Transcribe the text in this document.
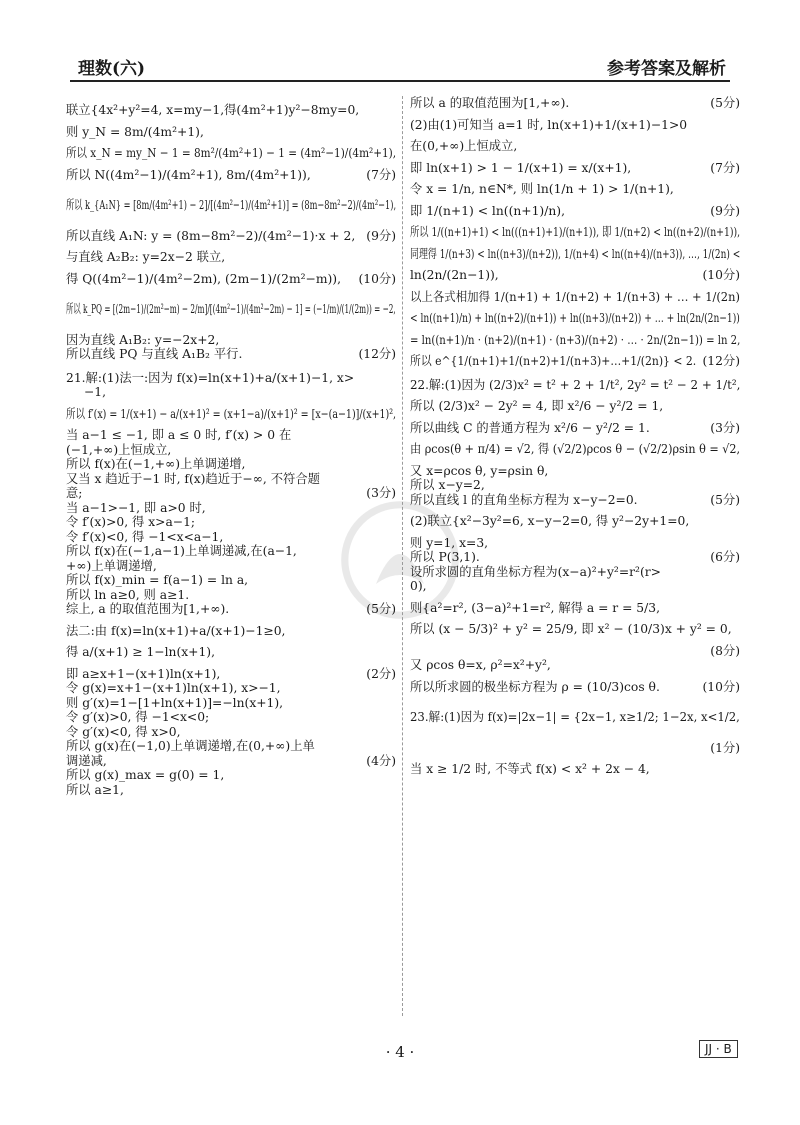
理数(六)	参考答案及解析
联立{4x²+y²=4, x=my−1,得(4m²+1)y²−8my=0,
则 y_N = 8m/(4m²+1),
所以 x_N = my_N − 1 = 8m²/(4m²+1) − 1 = (4m²−1)/(4m²+1),
所以 N((4m²−1)/(4m²+1), 8m/(4m²+1)),	(7分)
所以 k_{A₁N} = [8m/(4m²+1) − 2]/[(4m²−1)/(4m²+1)] = (8m−8m²−2)/(4m²−1),
所以直线 A₁N: y = (8m−8m²−2)/(4m²−1)·x + 2, (9分)
与直线 A₂B₂: y=2x−2 联立,
得 Q((4m²−1)/(4m²−2m), (2m−1)/(2m²−m)), (10分)
所以 k_PQ = [(2m−1)/(2m²−m) − 2/m]/[(4m²−1)/(4m²−2m) − 1] = (−1/m)/(1/(2m)) = −2,
因为直线 A₁B₂: y=−2x+2,
所以直线 PQ 与直线 A₁B₂ 平行.	(12分)
21.解:(1)法一:因为 f(x)=ln(x+1)+a/(x+1)−1, x>
−1,
所以 f′(x) = 1/(x+1) − a/(x+1)² = (x+1−a)/(x+1)² = [x−(a−1)]/(x+1)²,
当 a−1 ≤ −1, 即 a ≤ 0 时, f′(x) > 0 在
(−1,+∞)上恒成立,
所以 f(x)在(−1,+∞)上单调递增,
又当 x 趋近于−1 时, f(x)趋近于−∞, 不符合题
意;	(3分)
当 a−1>−1, 即 a>0 时,
令 f′(x)>0, 得 x>a−1;
令 f′(x)<0, 得 −1<x<a−1,
所以 f(x)在(−1,a−1)上单调递减,在(a−1,
+∞)上单调递增,
所以 f(x)_min = f(a−1) = ln a,
所以 ln a≥0, 则 a≥1.
综上, a 的取值范围为[1,+∞).	(5分)
法二:由 f(x)=ln(x+1)+a/(x+1)−1≥0,
得 a/(x+1) ≥ 1−ln(x+1),
即 a≥x+1−(x+1)ln(x+1),	(2分)
令 g(x)=x+1−(x+1)ln(x+1), x>−1,
则 g′(x)=1−[1+ln(x+1)]=−ln(x+1),
令 g′(x)>0, 得 −1<x<0;
令 g′(x)<0, 得 x>0,
所以 g(x)在(−1,0)上单调递增,在(0,+∞)上单
调递减,	(4分)
所以 g(x)_max = g(0) = 1,
所以 a≥1,
所以 a 的取值范围为[1,+∞).	(5分)
(2)由(1)可知当 a=1 时, ln(x+1)+1/(x+1)−1>0
在(0,+∞)上恒成立,
即 ln(x+1) > 1 − 1/(x+1) = x/(x+1),	(7分)
令 x = 1/n, n∈N*, 则 ln(1/n + 1) > 1/(n+1),
即 1/(n+1) < ln((n+1)/n),	(9分)
所以 1/((n+1)+1) < ln(((n+1)+1)/(n+1)), 即 1/(n+2) < ln((n+2)/(n+1)),
同理得 1/(n+3) < ln((n+3)/(n+2)), 1/(n+4) < ln((n+4)/(n+3)), …, 1/(2n) <
ln(2n/(2n−1)),	(10分)
以上各式相加得 1/(n+1) + 1/(n+2) + 1/(n+3) + … + 1/(2n)
< ln((n+1)/n) + ln((n+2)/(n+1)) + ln((n+3)/(n+2)) + … + ln(2n/(2n−1))
= ln((n+1)/n · (n+2)/(n+1) · (n+3)/(n+2) · … · 2n/(2n−1)) = ln 2,
所以 e^{1/(n+1)+1/(n+2)+1/(n+3)+…+1/(2n)} < 2. (12分)
22.解:(1)因为 (2/3)x² = t² + 2 + 1/t², 2y² = t² − 2 + 1/t²,
所以 (2/3)x² − 2y² = 4, 即 x²/6 − y²/2 = 1,
所以曲线 C 的普通方程为 x²/6 − y²/2 = 1.	(3分)
由 ρcos(θ + π/4) = √2, 得 (√2/2)ρcos θ − (√2/2)ρsin θ = √2,
又 x=ρcos θ, y=ρsin θ,
所以 x−y=2,
所以直线 l 的直角坐标方程为 x−y−2=0.	(5分)
(2)联立{x²−3y²=6, x−y−2=0, 得 y²−2y+1=0,
则 y=1, x=3,
所以 P(3,1).	(6分)
设所求圆的直角坐标方程为(x−a)²+y²=r²(r>
0),
则{a²=r², (3−a)²+1=r², 解得 a = r = 5/3,
所以 (x − 5/3)² + y² = 25/9, 即 x² − (10/3)x + y² = 0,
(8分)
又 ρcos θ=x, ρ²=x²+y²,
所以所求圆的极坐标方程为 ρ = (10/3)cos θ.	(10分)
23.解:(1)因为 f(x)=|2x−1| = {2x−1, x≥1/2; 1−2x, x<1/2,
(1分)
当 x ≥ 1/2 时, 不等式 f(x) < x² + 2x − 4,
· 4 ·	JJ · B
